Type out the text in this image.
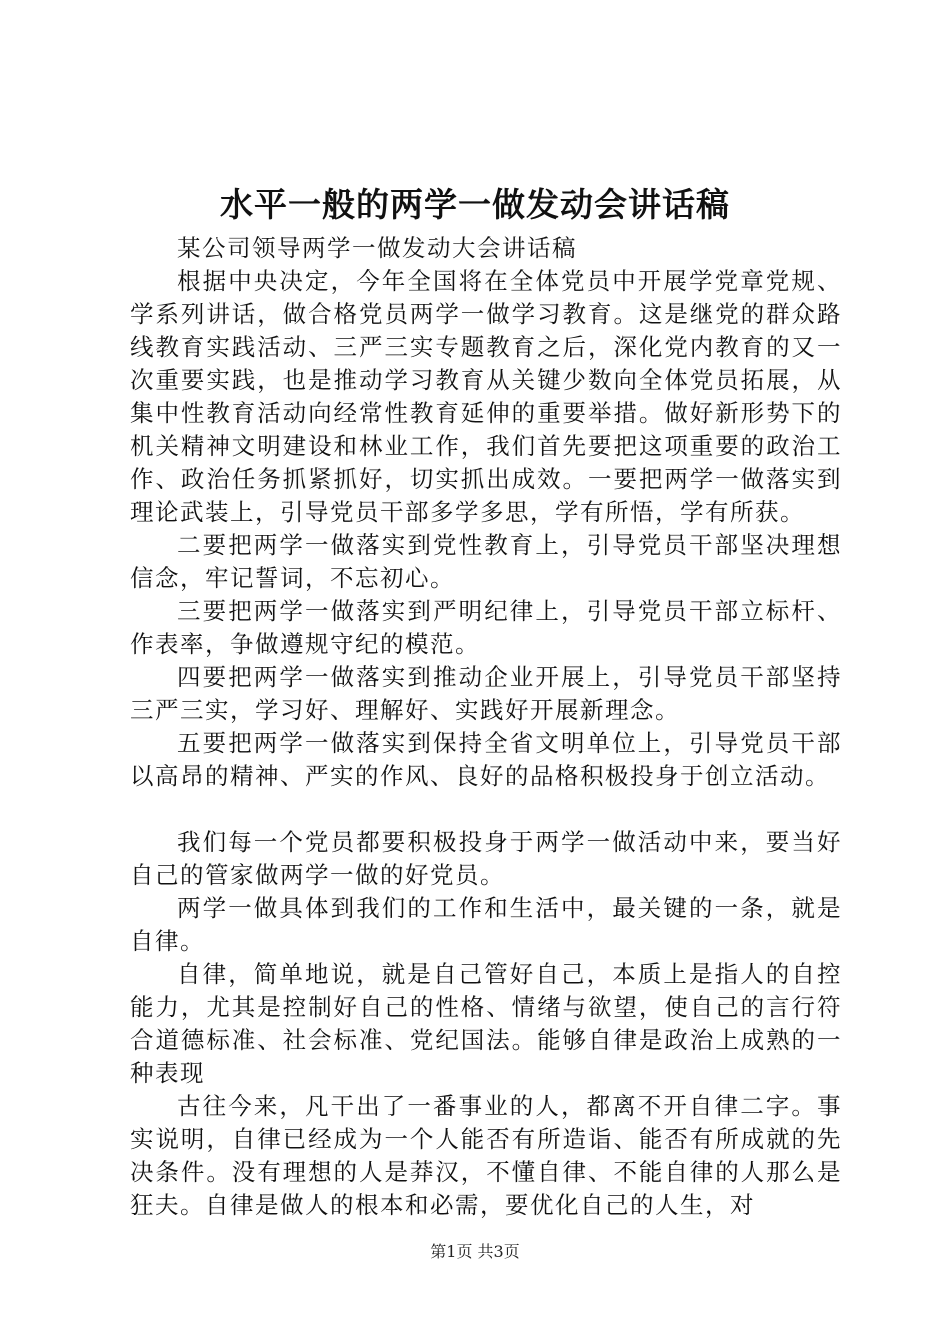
水平一般的两学一做发动会讲话稿

某公司领导两学一做发动大会讲话稿

根据中央决定，今年全国将在全体党员中开展学党章党规、学系列讲话，做合格党员两学一做学习教育。这是继党的群众路线教育实践活动、三严三实专题教育之后，深化党内教育的又一次重要实践，也是推动学习教育从关键少数向全体党员拓展，从集中性教育活动向经常性教育延伸的重要举措。做好新形势下的机关精神文明建设和林业工作，我们首先要把这项重要的政治工作、政治任务抓紧抓好，切实抓出成效。一要把两学一做落实到理论武装上，引导党员干部多学多思，学有所悟，学有所获。

二要把两学一做落实到党性教育上，引导党员干部坚决理想信念，牢记誓词，不忘初心。

三要把两学一做落实到严明纪律上，引导党员干部立标杆、作表率，争做遵规守纪的模范。

四要把两学一做落实到推动企业开展上，引导党员干部坚持三严三实，学习好、理解好、实践好开展新理念。

五要把两学一做落实到保持全省文明单位上，引导党员干部以高昂的精神、严实的作风、良好的品格积极投身于创立活动。

我们每一个党员都要积极投身于两学一做活动中来，要当好自己的管家做两学一做的好党员。

两学一做具体到我们的工作和生活中，最关键的一条，就是自律。

自律，简单地说，就是自己管好自己，本质上是指人的自控能力，尤其是控制好自己的性格、情绪与欲望，使自己的言行符合道德标准、社会标准、党纪国法。能够自律是政治上成熟的一种表现

古往今来，凡干出了一番事业的人，都离不开自律二字。事实说明，自律已经成为一个人能否有所造诣、能否有所成就的先决条件。没有理想的人是莽汉，不懂自律、不能自律的人那么是狂夫。自律是做人的根本和必需，要优化自己的人生，对

第1页 共3页
